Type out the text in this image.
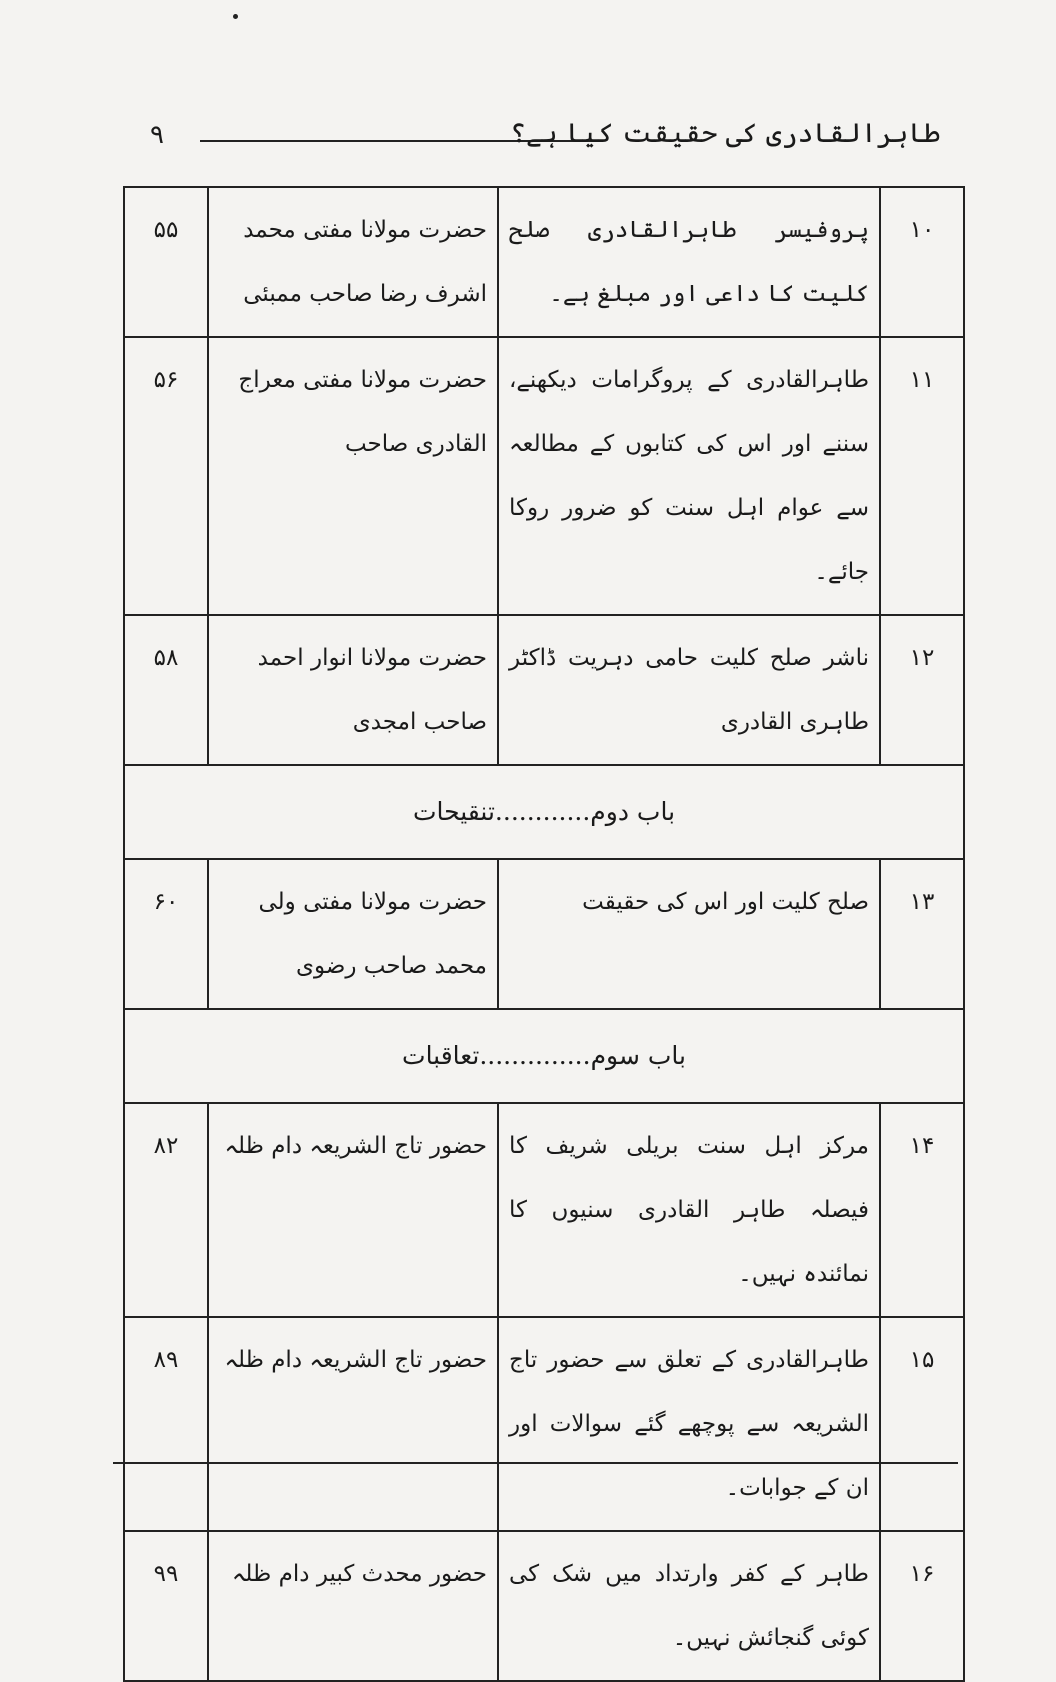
۹	طاہرالقادری کی حقیقت کیا ہے؟
۱۰	پروفیسر طاہرالقادری صلح کلیت کا داعی اور مبلغ ہے۔	حضرت مولانا مفتی محمد اشرف رضا صاحب ممبئی	۵۵
۱۱	طاہرالقادری کے پروگرامات دیکھنے، سننے اور اس کی کتابوں کے مطالعہ سے عوام اہل سنت کو ضرور روکا جائے۔	حضرت مولانا مفتی معراج القادری صاحب	۵۶
۱۲	ناشر صلح کلیت حامی دہریت ڈاکٹر طاہری القادری	حضرت مولانا انوار احمد صاحب امجدی	۵۸
باب دوم............تنقیحات			
۱۳	صلح کلیت اور اس کی حقیقت	حضرت مولانا مفتی ولی محمد صاحب رضوی	۶۰
باب سوم..............تعاقبات			
۱۴	مرکز اہل سنت بریلی شریف کا فیصلہ طاہر القادری سنیوں کا نمائندہ نہیں۔	حضور تاج الشریعہ دام ظلہ	۸۲
۱۵	طاہرالقادری کے تعلق سے حضور تاج الشریعہ سے پوچھے گئے سوالات اور ان کے جوابات۔	حضور تاج الشریعہ دام ظلہ	۸۹
۱۶	طاہر کے کفر وارتداد میں شک کی کوئی گنجائش نہیں۔	حضور محدث کبیر دام ظلہ	۹۹
